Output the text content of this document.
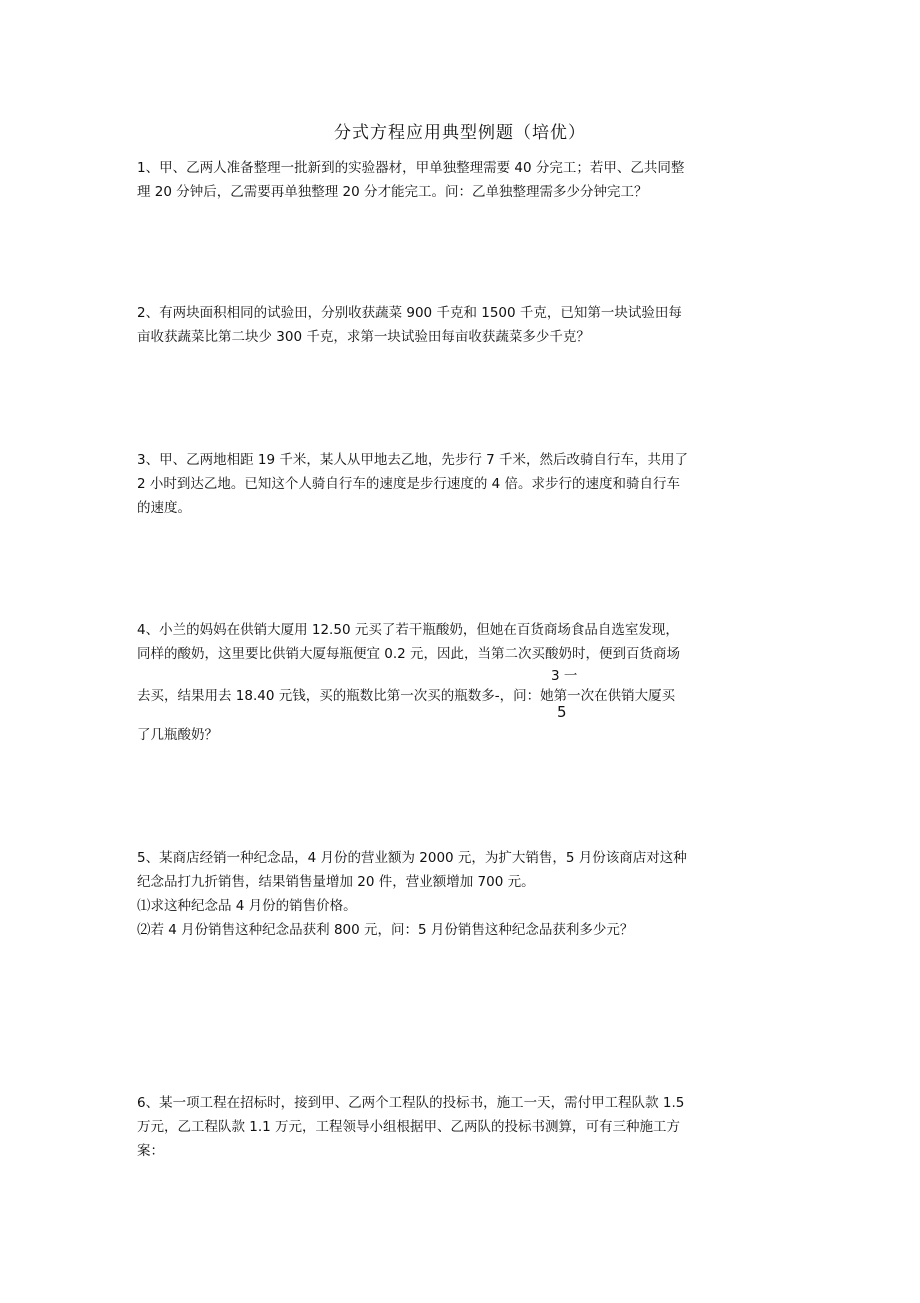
分式方程应用典型例题（培优）
1、甲、乙两人准备整理一批新到的实验器材，甲单独整理需要 40 分完工；若甲、乙共同整
理 20 分钟后，乙需要再单独整理 20 分才能完工。问：乙单独整理需多少分钟完工？
2、有两块面积相同的试验田，分别收获蔬菜 900 千克和 1500 千克，已知第一块试验田每
亩收获蔬菜比第二块少 300 千克，求第一块试验田每亩收获蔬菜多少千克？
3、甲、乙两地相距 19 千米，某人从甲地去乙地，先步行 7 千米，然后改骑自行车，共用了
2 小时到达乙地。已知这个人骑自行车的速度是步行速度的 4 倍。求步行的速度和骑自行车
的速度。
4、小兰的妈妈在供销大厦用 12.50 元买了若干瓶酸奶，但她在百货商场食品自选室发现，
同样的酸奶，这里要比供销大厦每瓶便宜 0.2 元，因此，当第二次买酸奶时，便到百货商场
3 一
去买，结果用去 18.40 元钱，买的瓶数比第一次买的瓶数多-，问：她第一次在供销大厦买
5
了几瓶酸奶？
5、某商店经销一种纪念品，4 月份的营业额为 2000 元，为扩大销售，5 月份该商店对这种
纪念品打九折销售，结果销售量增加 20 件，营业额增加 700 元。
⑴求这种纪念品 4 月份的销售价格。
⑵若 4 月份销售这种纪念品获利 800 元，问：5 月份销售这种纪念品获利多少元？
6、某一项工程在招标时，接到甲、乙两个工程队的投标书，施工一天，需付甲工程队款 1.5
万元，乙工程队款 1.1 万元，工程领导小组根据甲、乙两队的投标书测算，可有三种施工方
案：
